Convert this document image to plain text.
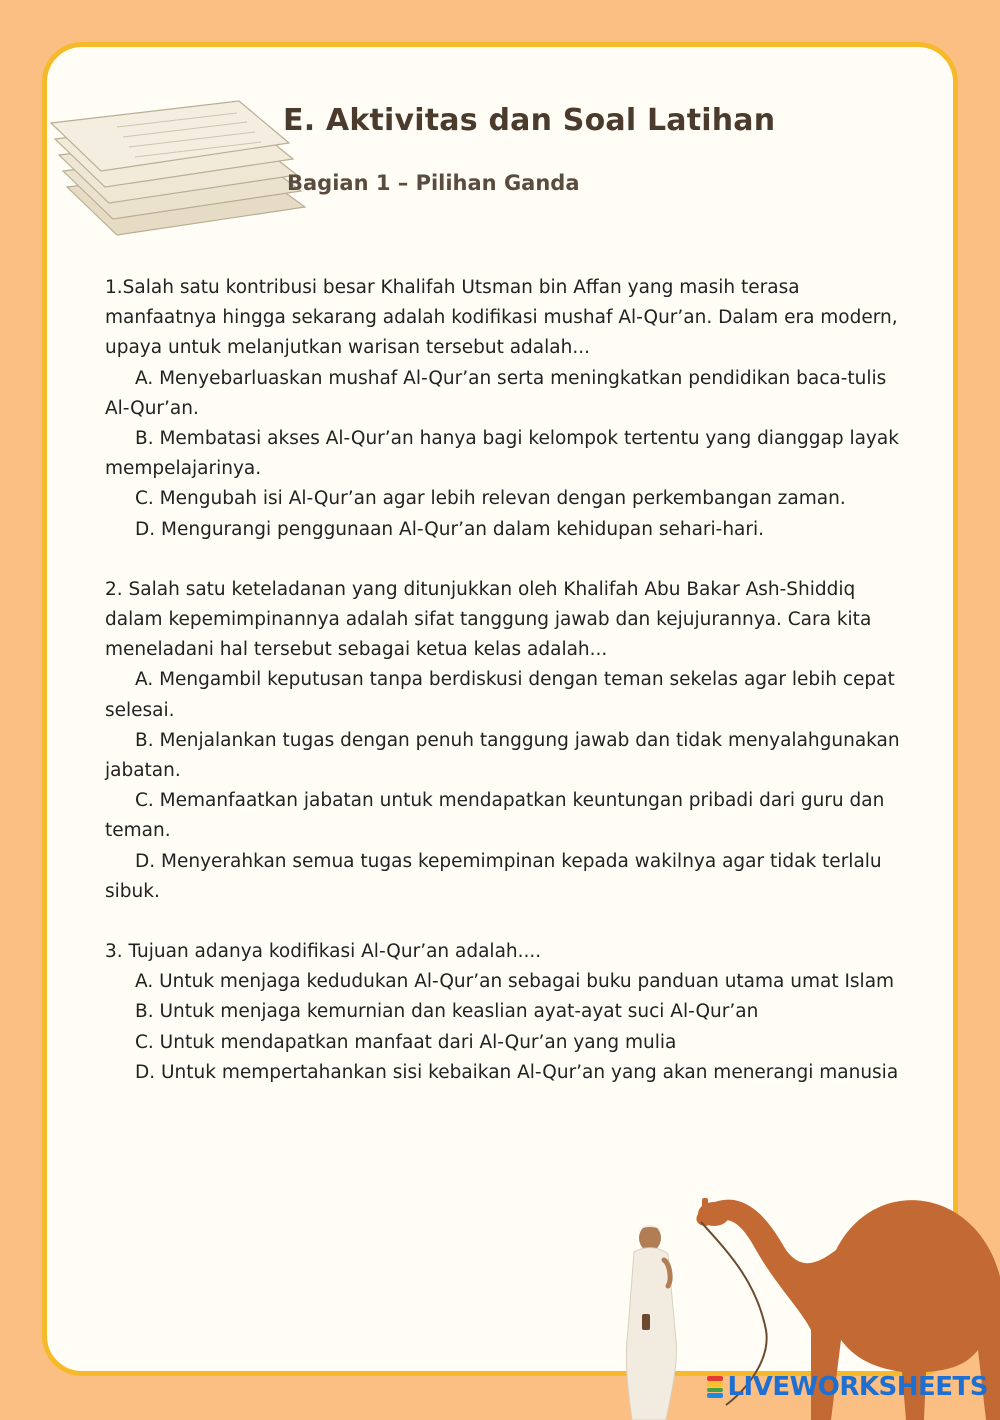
E. Aktivitas dan Soal Latihan
Bagian 1 – Pilihan Ganda

1.Salah satu kontribusi besar Khalifah Utsman bin Affan yang masih terasa manfaatnya hingga sekarang adalah kodifikasi mushaf Al-Qur’an. Dalam era modern, upaya untuk melanjutkan warisan tersebut adalah...

A. Menyebarluaskan mushaf Al-Qur’an serta meningkatkan pendidikan baca-tulis Al-Qur’an.

B. Membatasi akses Al-Qur’an hanya bagi kelompok tertentu yang dianggap layak mempelajarinya.

C. Mengubah isi Al-Qur’an agar lebih relevan dengan perkembangan zaman.

D. Mengurangi penggunaan Al-Qur’an dalam kehidupan sehari-hari.

2. Salah satu keteladanan yang ditunjukkan oleh Khalifah Abu Bakar Ash-Shiddiq dalam kepemimpinannya adalah sifat tanggung jawab dan kejujurannya. Cara kita meneladani hal tersebut sebagai ketua kelas adalah...

A. Mengambil keputusan tanpa berdiskusi dengan teman sekelas agar lebih cepat selesai.

B. Menjalankan tugas dengan penuh tanggung jawab dan tidak menyalahgunakan jabatan.

C. Memanfaatkan jabatan untuk mendapatkan keuntungan pribadi dari guru dan teman.

D. Menyerahkan semua tugas kepemimpinan kepada wakilnya agar tidak terlalu sibuk.

3. Tujuan adanya kodifikasi Al-Qur’an adalah....

A. Untuk menjaga kedudukan Al-Qur’an sebagai buku panduan utama umat Islam

B. Untuk menjaga kemurnian dan keaslian ayat-ayat suci Al-Qur’an

C. Untuk mendapatkan manfaat dari Al-Qur’an yang mulia

D. Untuk mempertahankan sisi kebaikan Al-Qur’an yang akan menerangi manusia

LIVEWORKSHEETS
